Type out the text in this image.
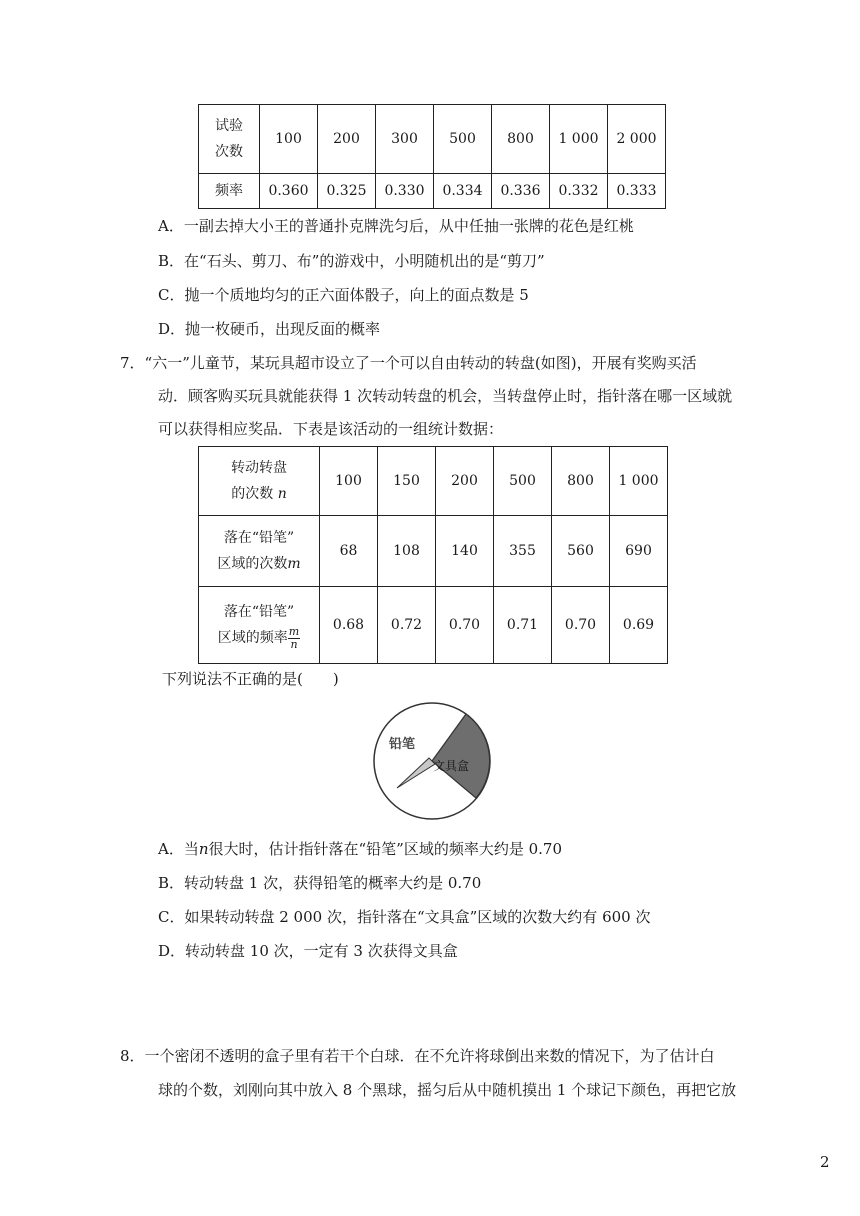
试验
次数	100	200	300	500	800	1 000	2 000
频率	0.360	0.325	0.330	0.334	0.336	0.332	0.333
A．一副去掉大小王的普通扑克牌洗匀后，从中任抽一张牌的花色是红桃
B．在“石头、剪刀、布”的游戏中，小明随机出的是“剪刀”
C．抛一个质地均匀的正六面体骰子，向上的面点数是 5
D．抛一枚硬币，出现反面的概率
7．“六一”儿童节，某玩具超市设立了一个可以自由转动的转盘(如图)，开展有奖购买活
动．顾客购买玩具就能获得 1 次转动转盘的机会，当转盘停止时，指针落在哪一区域就
可以获得相应奖品．下表是该活动的一组统计数据：
转动转盘
的次数 n	100	150	200	500	800	1 000
落在“铅笔”
区域的次数m	68	108	140	355	560	690
落在“铅笔”
区域的频率 $\frac{m}{n}$	0.68	0.72	0.70	0.71	0.70	0.69
下列说法不正确的是(　　)
铅笔
文具盒
A．当n很大时，估计指针落在“铅笔”区域的频率大约是 0.70
B．转动转盘 1 次，获得铅笔的概率大约是 0.70
C．如果转动转盘 2 000 次，指针落在“文具盒”区域的次数大约有 600 次
D．转动转盘 10 次，一定有 3 次获得文具盒
8．一个密闭不透明的盒子里有若干个白球．在不允许将球倒出来数的情况下，为了估计白
球的个数，刘刚向其中放入 8 个黑球，摇匀后从中随机摸出 1 个球记下颜色，再把它放
2
